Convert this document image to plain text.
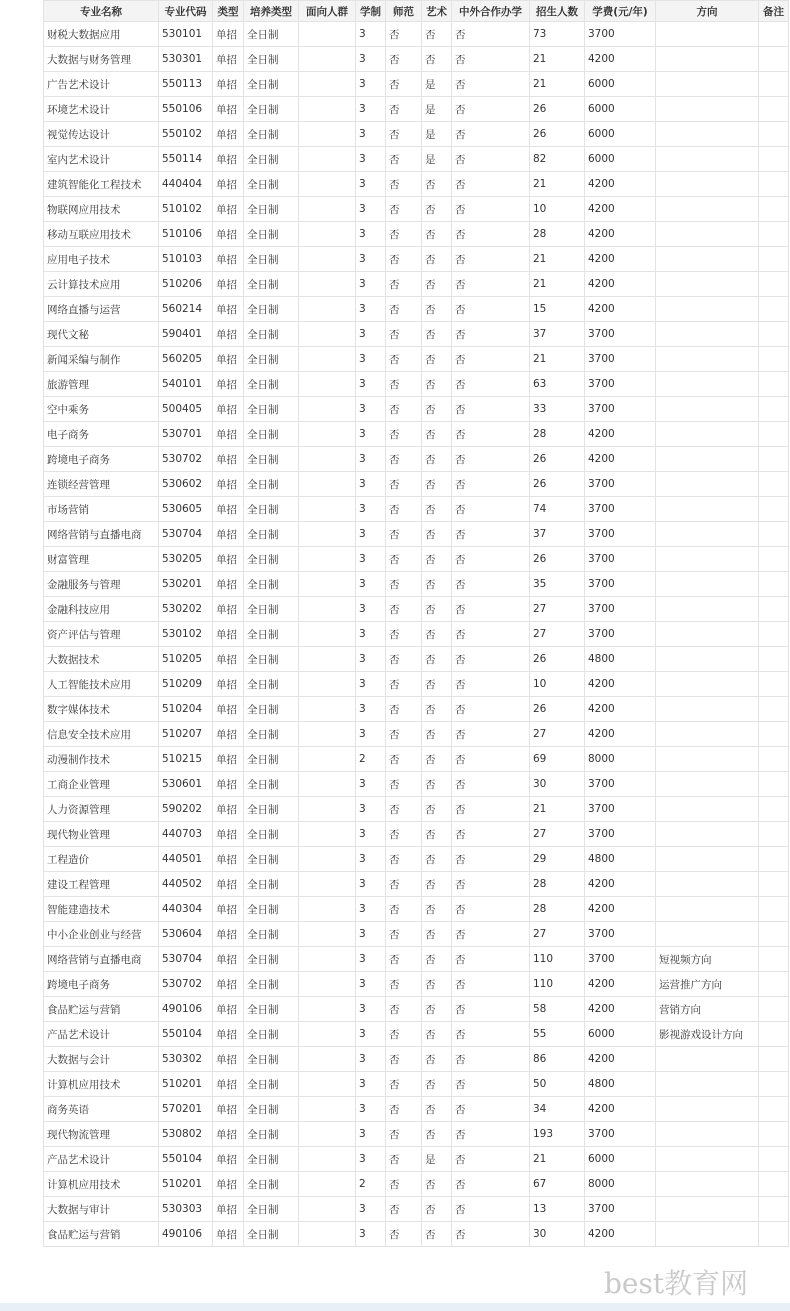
专业名称	专业代码	类型	培养类型	面向人群	学制	师范	艺术	中外合作办学	招生人数	学费(元/年)	方向	备注
财税大数据应用	530101	单招	全日制		3	否	否	否	73	3700		
大数据与财务管理	530301	单招	全日制		3	否	否	否	21	4200		
广告艺术设计	550113	单招	全日制		3	否	是	否	21	6000		
环境艺术设计	550106	单招	全日制		3	否	是	否	26	6000		
视觉传达设计	550102	单招	全日制		3	否	是	否	26	6000		
室内艺术设计	550114	单招	全日制		3	否	是	否	82	6000		
建筑智能化工程技术	440404	单招	全日制		3	否	否	否	21	4200		
物联网应用技术	510102	单招	全日制		3	否	否	否	10	4200		
移动互联应用技术	510106	单招	全日制		3	否	否	否	28	4200		
应用电子技术	510103	单招	全日制		3	否	否	否	21	4200		
云计算技术应用	510206	单招	全日制		3	否	否	否	21	4200		
网络直播与运营	560214	单招	全日制		3	否	否	否	15	4200		
现代文秘	590401	单招	全日制		3	否	否	否	37	3700		
新闻采编与制作	560205	单招	全日制		3	否	否	否	21	3700		
旅游管理	540101	单招	全日制		3	否	否	否	63	3700		
空中乘务	500405	单招	全日制		3	否	否	否	33	3700		
电子商务	530701	单招	全日制		3	否	否	否	28	4200		
跨境电子商务	530702	单招	全日制		3	否	否	否	26	4200		
连锁经营管理	530602	单招	全日制		3	否	否	否	26	3700		
市场营销	530605	单招	全日制		3	否	否	否	74	3700		
网络营销与直播电商	530704	单招	全日制		3	否	否	否	37	3700		
财富管理	530205	单招	全日制		3	否	否	否	26	3700		
金融服务与管理	530201	单招	全日制		3	否	否	否	35	3700		
金融科技应用	530202	单招	全日制		3	否	否	否	27	3700		
资产评估与管理	530102	单招	全日制		3	否	否	否	27	3700		
大数据技术	510205	单招	全日制		3	否	否	否	26	4800		
人工智能技术应用	510209	单招	全日制		3	否	否	否	10	4200		
数字媒体技术	510204	单招	全日制		3	否	否	否	26	4200		
信息安全技术应用	510207	单招	全日制		3	否	否	否	27	4200		
动漫制作技术	510215	单招	全日制		2	否	否	否	69	8000		
工商企业管理	530601	单招	全日制		3	否	否	否	30	3700		
人力资源管理	590202	单招	全日制		3	否	否	否	21	3700		
现代物业管理	440703	单招	全日制		3	否	否	否	27	3700		
工程造价	440501	单招	全日制		3	否	否	否	29	4800		
建设工程管理	440502	单招	全日制		3	否	否	否	28	4200		
智能建造技术	440304	单招	全日制		3	否	否	否	28	4200		
中小企业创业与经营	530604	单招	全日制		3	否	否	否	27	3700		
网络营销与直播电商	530704	单招	全日制		3	否	否	否	110	3700	短视频方向	
跨境电子商务	530702	单招	全日制		3	否	否	否	110	4200	运营推广方向	
食品贮运与营销	490106	单招	全日制		3	否	否	否	58	4200	营销方向	
产品艺术设计	550104	单招	全日制		3	否	否	否	55	6000	影视游戏设计方向	
大数据与会计	530302	单招	全日制		3	否	否	否	86	4200		
计算机应用技术	510201	单招	全日制		3	否	否	否	50	4800		
商务英语	570201	单招	全日制		3	否	否	否	34	4200		
现代物流管理	530802	单招	全日制		3	否	否	否	193	3700		
产品艺术设计	550104	单招	全日制		3	否	是	否	21	6000		
计算机应用技术	510201	单招	全日制		2	否	否	否	67	8000		
大数据与审计	530303	单招	全日制		3	否	否	否	13	3700		
食品贮运与营销	490106	单招	全日制		3	否	否	否	30	4200		
best教育网
